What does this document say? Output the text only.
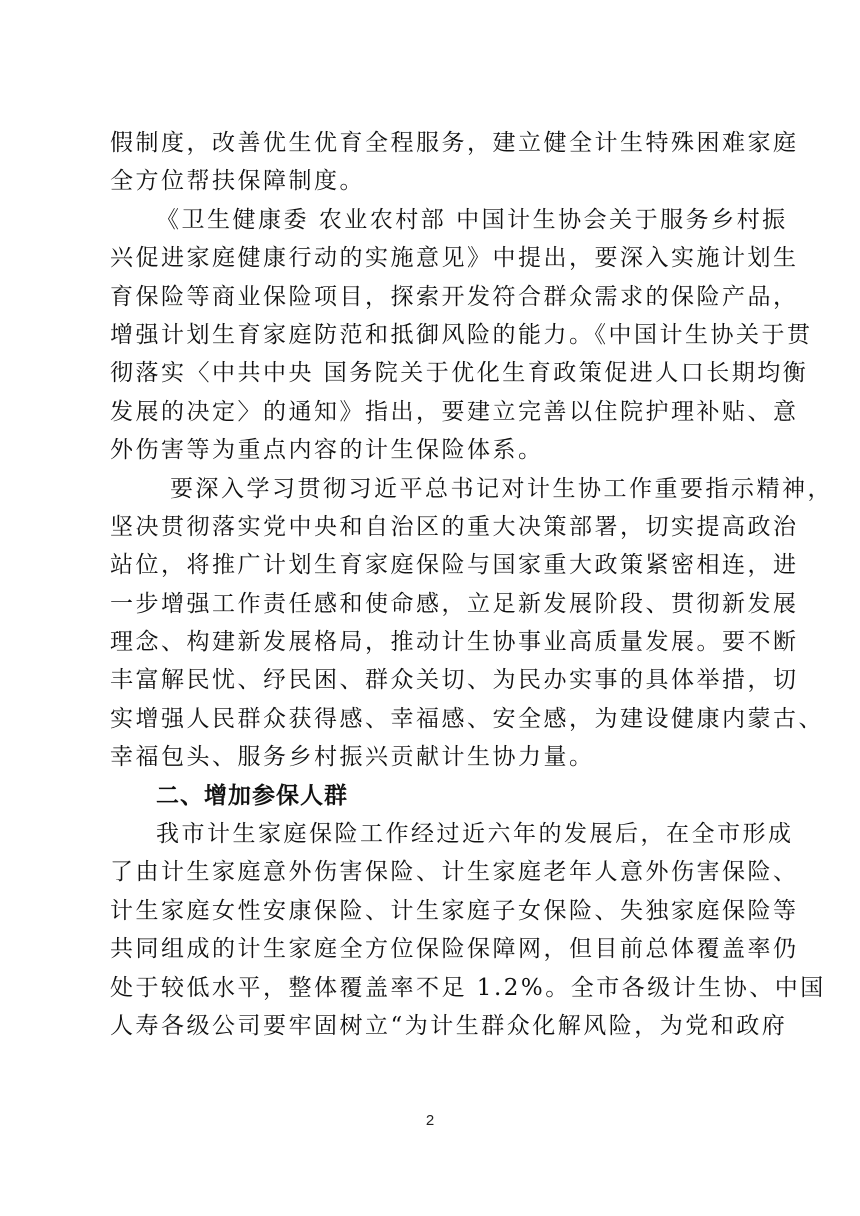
假制度，改善优生优育全程服务，建立健全计生特殊困难家庭
全方位帮扶保障制度。
《卫生健康委 农业农村部 中国计生协会关于服务乡村振
兴促进家庭健康行动的实施意见》中提出，要深入实施计划生
育保险等商业保险项目，探索开发符合群众需求的保险产品，
增强计划生育家庭防范和抵御风险的能力。《中国计生协关于贯
彻落实〈中共中央 国务院关于优化生育政策促进人口长期均衡
发展的决定〉的通知》指出，要建立完善以住院护理补贴、意
外伤害等为重点内容的计生保险体系。
要深入学习贯彻习近平总书记对计生协工作重要指示精神，
坚决贯彻落实党中央和自治区的重大决策部署，切实提高政治
站位，将推广计划生育家庭保险与国家重大政策紧密相连，进
一步增强工作责任感和使命感，立足新发展阶段、贯彻新发展
理念、构建新发展格局，推动计生协事业高质量发展。要不断
丰富解民忧、纾民困、群众关切、为民办实事的具体举措，切
实增强人民群众获得感、幸福感、安全感，为建设健康内蒙古、
幸福包头、服务乡村振兴贡献计生协力量。
二、增加参保人群
我市计生家庭保险工作经过近六年的发展后，在全市形成
了由计生家庭意外伤害保险、计生家庭老年人意外伤害保险、
计生家庭女性安康保险、计生家庭子女保险、失独家庭保险等
共同组成的计生家庭全方位保险保障网，但目前总体覆盖率仍
处于较低水平，整体覆盖率不足 1.2%。全市各级计生协、中国
人寿各级公司要牢固树立“为计生群众化解风险，为党和政府
2
